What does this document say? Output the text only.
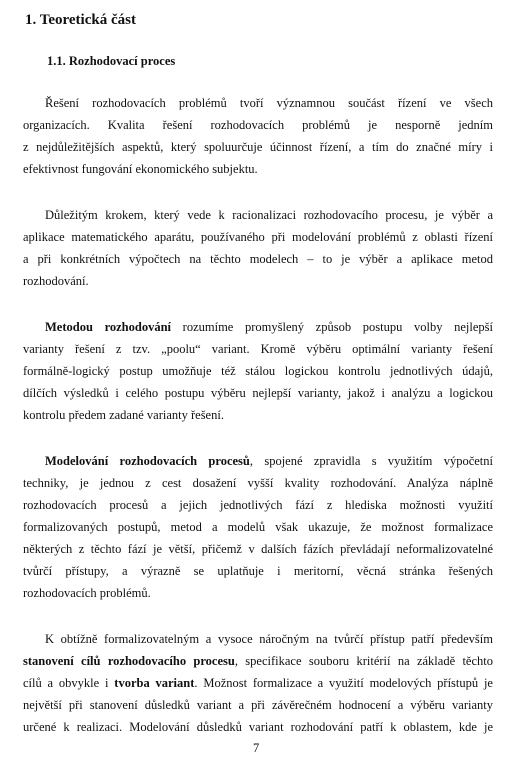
1. Teoretická část
1.1. Rozhodovací proces
Řešení rozhodovacích problémů tvoří významnou součást řízení ve všech
organizacích. Kvalita řešení rozhodovacích problémů je nesporně jedním
z nejdůležitějších aspektů, který spoluurčuje účinnost řízení, a tím do značné míry i
efektivnost fungování ekonomického subjektu.
Důležitým krokem, který vede k racionalizaci rozhodovacího procesu, je výběr a
aplikace matematického aparátu, používaného při modelování problémů z oblasti řízení
a při konkrétních výpočtech na těchto modelech – to je výběr a aplikace metod
rozhodování.
Metodou rozhodování rozumíme promyšlený způsob postupu volby nejlepší
varianty řešení z tzv. „poolu“ variant. Kromě výběru optimální varianty řešení
formálně-logický postup umožňuje též stálou logickou kontrolu jednotlivých údajů,
dílčích výsledků i celého postupu výběru nejlepší varianty, jakož i analýzu a logickou
kontrolu předem zadané varianty řešení.
Modelování rozhodovacích procesů, spojené zpravidla s využitím výpočetní
techniky, je jednou z cest dosažení vyšší kvality rozhodování. Analýza náplně
rozhodovacích procesů a jejich jednotlivých fází z hlediska možnosti využití
formalizovaných postupů, metod a modelů však ukazuje, že možnost formalizace
některých z těchto fází je větší, přičemž v dalších fázích převládají neformalizovatelné
tvůrčí přístupy, a výrazně se uplatňuje i meritorní, věcná stránka řešených
rozhodovacích problémů.
K obtížně formalizovatelným a vysoce náročným na tvůrčí přístup patří především
stanovení cílů rozhodovacího procesu, specifikace souboru kritérií na základě těchto
cílů a obvykle i tvorba variant. Možnost formalizace a využití modelových přístupů je
největší při stanovení důsledků variant a při závěrečném hodnocení a výběru varianty
určené k realizaci. Modelování důsledků variant rozhodování patří k oblastem, kde je
7
